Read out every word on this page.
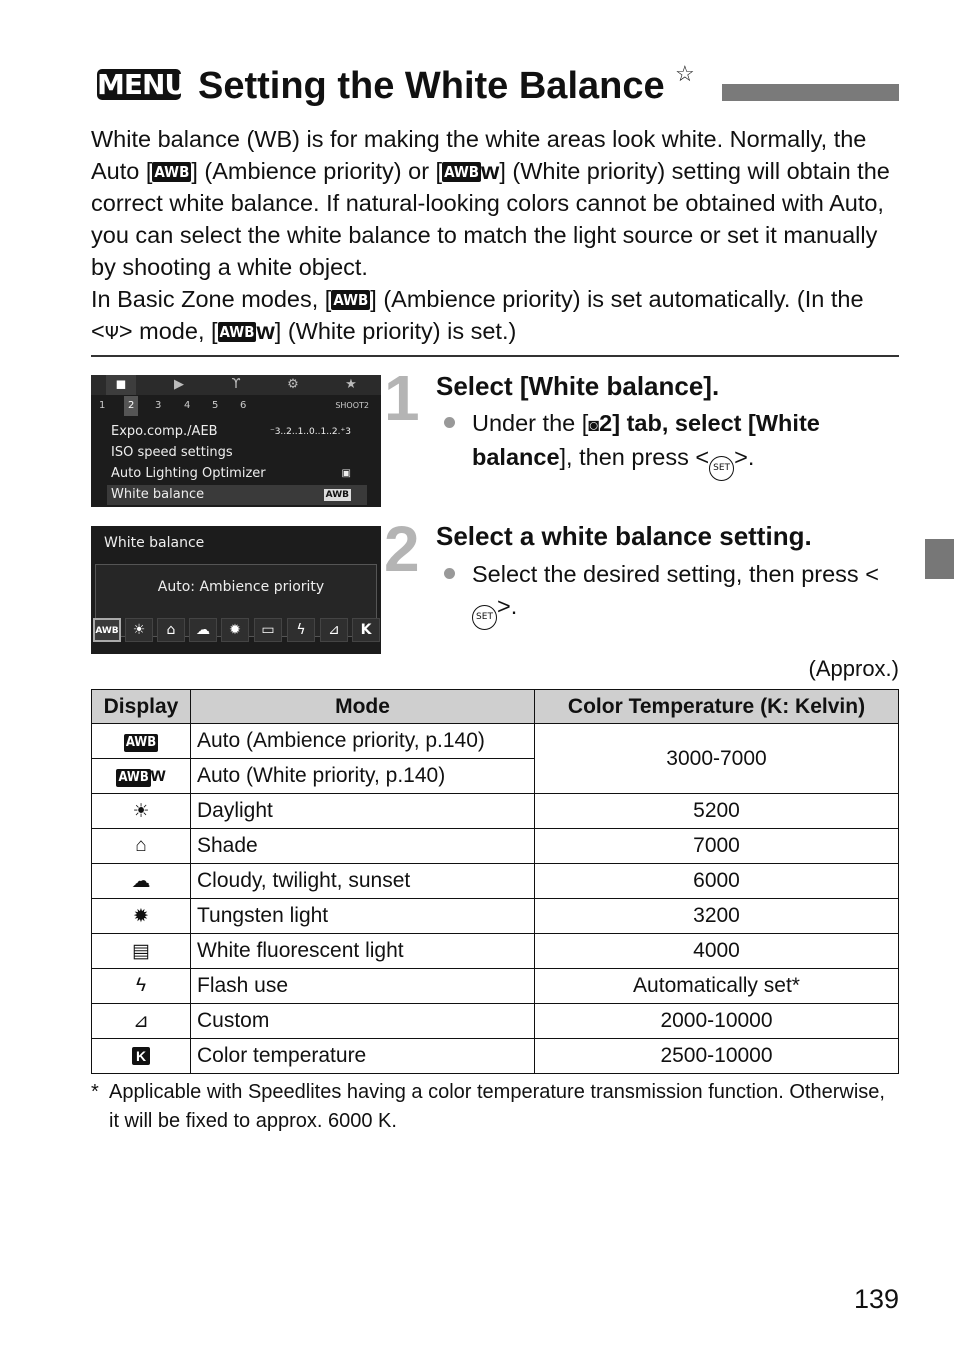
MENU Setting the White Balance ☆

White balance (WB) is for making the white areas look white. Normally, the Auto [ AWB] (Ambience priority) or [ AWBw] (White priority) setting will obtain the correct white balance. If natural-looking colors cannot be obtained with Auto, you can select the white balance to match the light source or set it manually by shooting a white object.

In Basic Zone modes, [ AWB] (Ambience priority) is set automatically. (In the <Ψ> mode, [ AWBw] (White priority) is set.)

◼	▶	ϒ	⚙	★
1	2	3 4 5 6	SHOOT2
Expo.comp./AEB	⁻3..2..1..0..1..2.⁺3
ISO speed settings
Auto Lighting Optimizer	▣
White balance	AWB
White balance
Auto: Ambience priority
AWB	☀	⌂	☁	✹	▭	ϟ	⊿	K
1 Select [White balance].
Under the [◙2] tab, select [White balance], then press < SET >.
2 Select a white balance setting.
Select the desired setting, then press <SET >.
(Approx.)
Display	Mode	Color Temperature (K: Kelvin)
AWB	Auto (Ambience priority, p.140)	3000-7000
AWB w	Auto (White priority, p.140)	
☀	Daylight	5200
⌂	Shade	7000
☁	Cloudy, twilight, sunset	6000
✹	Tungsten light	3200
▤	White fluorescent light	4000
ϟ	Flash use	Automatically set*
⊿	Custom	2000-10000
K	Color temperature	2500-10000
* Applicable with Speedlites having a color temperature transmission function. Otherwise, it will be fixed to approx. 6000 K.
139
